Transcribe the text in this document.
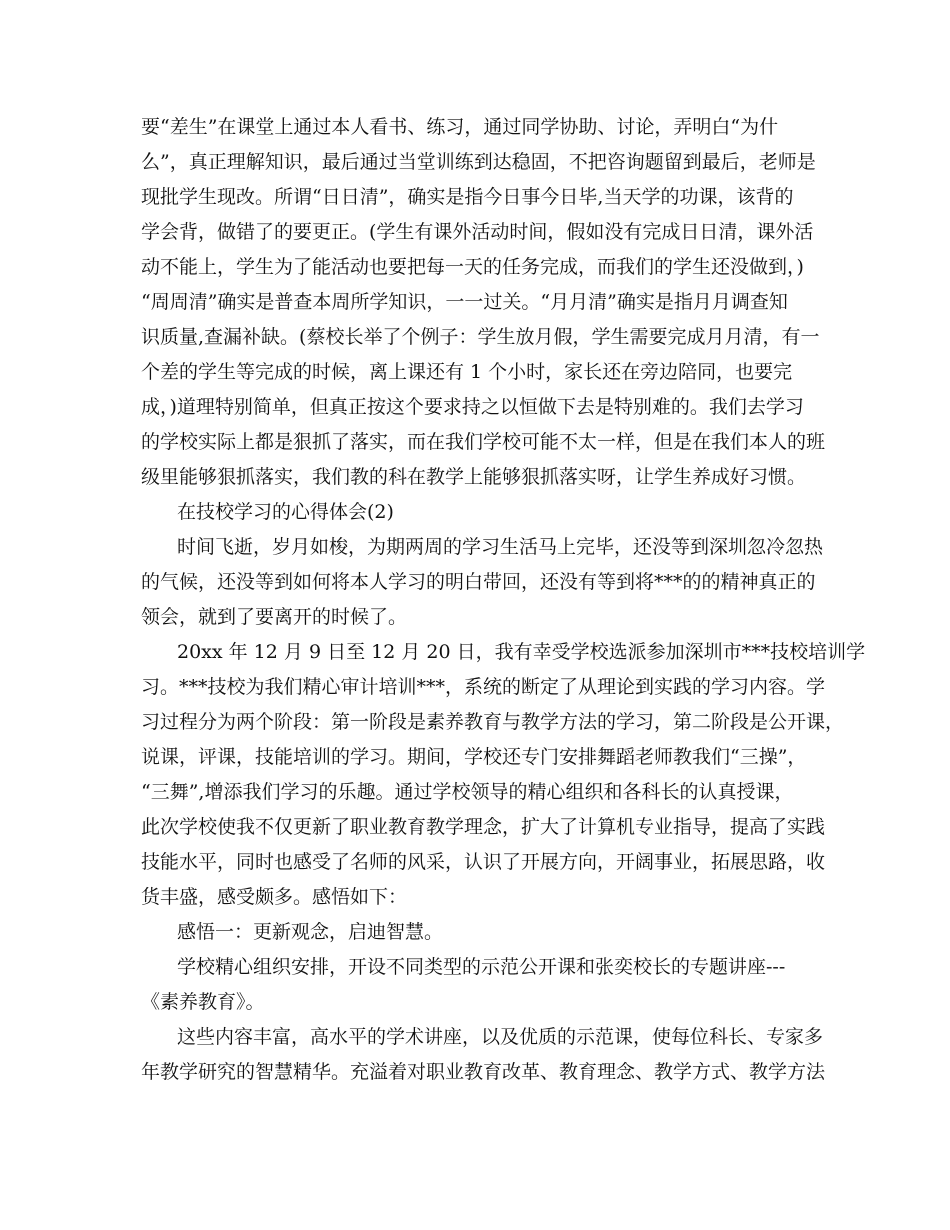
要“差生”在课堂上通过本人看书、练习，通过同学协助、讨论，弄明白“为什

么”，真正理解知识，最后通过当堂训练到达稳固，不把咨询题留到最后，老师是

现批学生现改。所谓“日日清”，确实是指今日事今日毕,当天学的功课，该背的

学会背，做错了的要更正。(学生有课外活动时间，假如没有完成日日清，课外活

动不能上，学生为了能活动也要把每一天的任务完成，而我们的学生还没做到，)

“周周清”确实是普查本周所学知识，一一过关。“月月清”确实是指月月调查知

识质量,查漏补缺。(蔡校长举了个例子：学生放月假，学生需要完成月月清，有一

个差的学生等完成的时候，离上课还有 1 个小时，家长还在旁边陪同，也要完

成，)道理特别简单，但真正按这个要求持之以恒做下去是特别难的。我们去学习

的学校实际上都是狠抓了落实，而在我们学校可能不太一样，但是在我们本人的班

级里能够狠抓落实，我们教的科在教学上能够狠抓落实呀，让学生养成好习惯。

在技校学习的心得体会(2)

时间飞逝，岁月如梭，为期两周的学习生活马上完毕，还没等到深圳忽冷忽热

的气候，还没等到如何将本人学习的明白带回，还没有等到将***的的精神真正的

领会，就到了要离开的时候了。

20xx 年 12 月 9 日至 12 月 20 日，我有幸受学校选派参加深圳市***技校培训学

习。***技校为我们精心审计培训***，系统的断定了从理论到实践的学习内容。学

习过程分为两个阶段：第一阶段是素养教育与教学方法的学习，第二阶段是公开课，

说课，评课，技能培训的学习。期间，学校还专门安排舞蹈老师教我们“三操”，

“三舞”,增添我们学习的乐趣。通过学校领导的精心组织和各科长的认真授课，

此次学校使我不仅更新了职业教育教学理念，扩大了计算机专业指导，提高了实践

技能水平，同时也感受了名师的风采，认识了开展方向，开阔事业，拓展思路，收

货丰盛，感受颇多。感悟如下：

感悟一：更新观念，启迪智慧。

学校精心组织安排，开设不同类型的示范公开课和张奕校长的专题讲座---

《素养教育》。

这些内容丰富，高水平的学术讲座，以及优质的示范课，使每位科长、专家多

年教学研究的智慧精华。充溢着对职业教育改革、教育理念、教学方式、教学方法
